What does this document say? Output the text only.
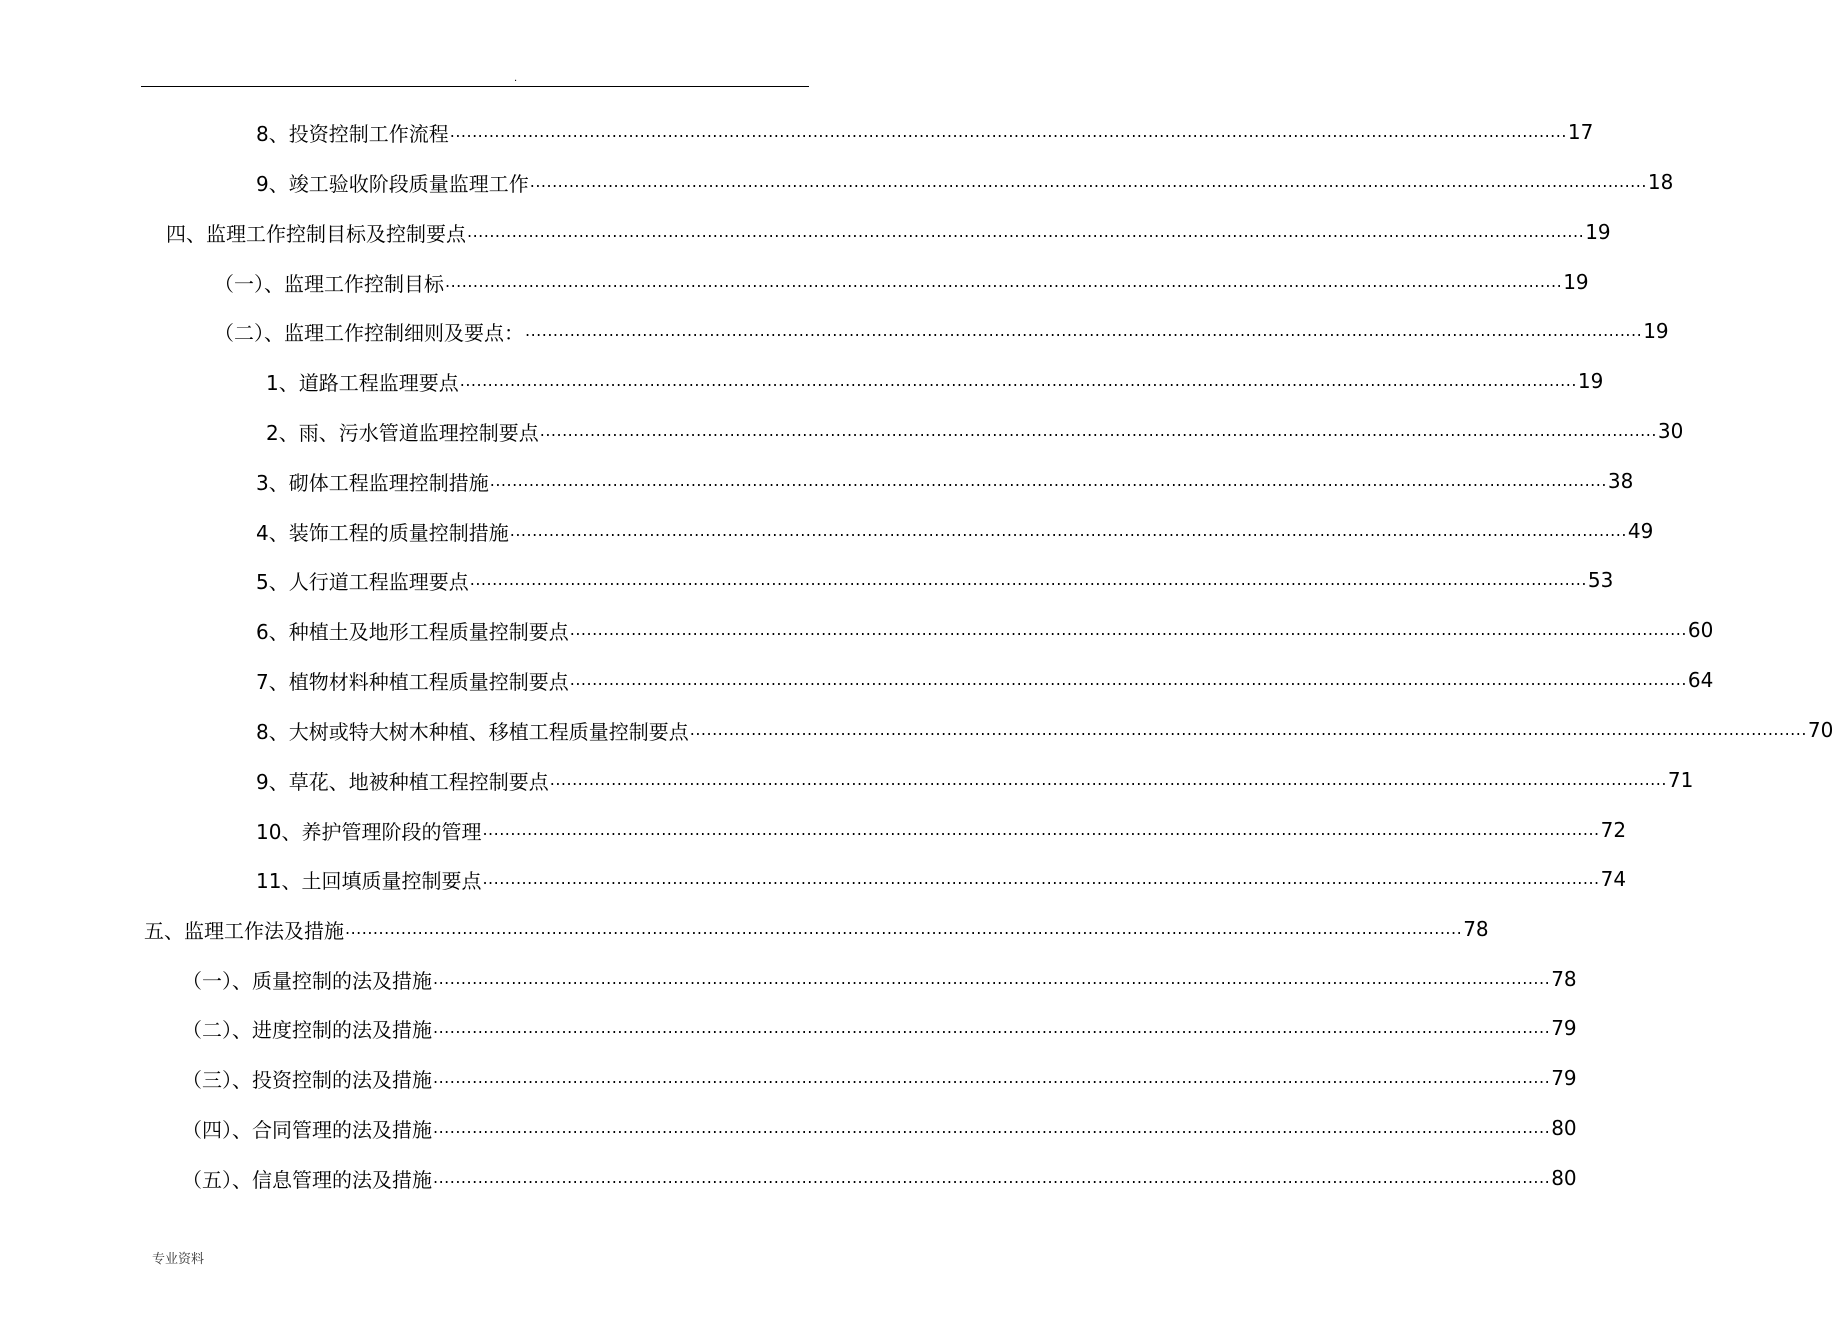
.
8、投资控制工作流程 ........................................................................................................................................................................................................ 17
9、竣工验收阶段质量监理工作 ........................................................................................................................................................................................................ 18
四、监理工作控制目标及控制要点 ........................................................................................................................................................................................................ 19
（一）、监理工作控制目标 ........................................................................................................................................................................................................ 19
（二）、监理工作控制细则及要点： ........................................................................................................................................................................................................ 19
1、道路工程监理要点 ........................................................................................................................................................................................................ 19
2、雨、污水管道监理控制要点 ........................................................................................................................................................................................................ 30
3、砌体工程监理控制措施 ........................................................................................................................................................................................................ 38
4、装饰工程的质量控制措施 ........................................................................................................................................................................................................ 49
5、人行道工程监理要点 ........................................................................................................................................................................................................ 53
6、种植土及地形工程质量控制要点 ........................................................................................................................................................................................................ 60
7、植物材料种植工程质量控制要点 ........................................................................................................................................................................................................ 64
8、大树或特大树木种植、移植工程质量控制要点 ........................................................................................................................................................................................................ 70
9、草花、地被种植工程控制要点 ........................................................................................................................................................................................................ 71
10、养护管理阶段的管理 ........................................................................................................................................................................................................ 72
11、土回填质量控制要点 ........................................................................................................................................................................................................ 74
五、监理工作法及措施 ........................................................................................................................................................................................................ 78
（一）、质量控制的法及措施 ........................................................................................................................................................................................................ 78
（二）、进度控制的法及措施 ........................................................................................................................................................................................................ 79
（三）、投资控制的法及措施 ........................................................................................................................................................................................................ 79
（四）、合同管理的法及措施 ........................................................................................................................................................................................................ 80
（五）、信息管理的法及措施 ........................................................................................................................................................................................................ 80
专业资料
